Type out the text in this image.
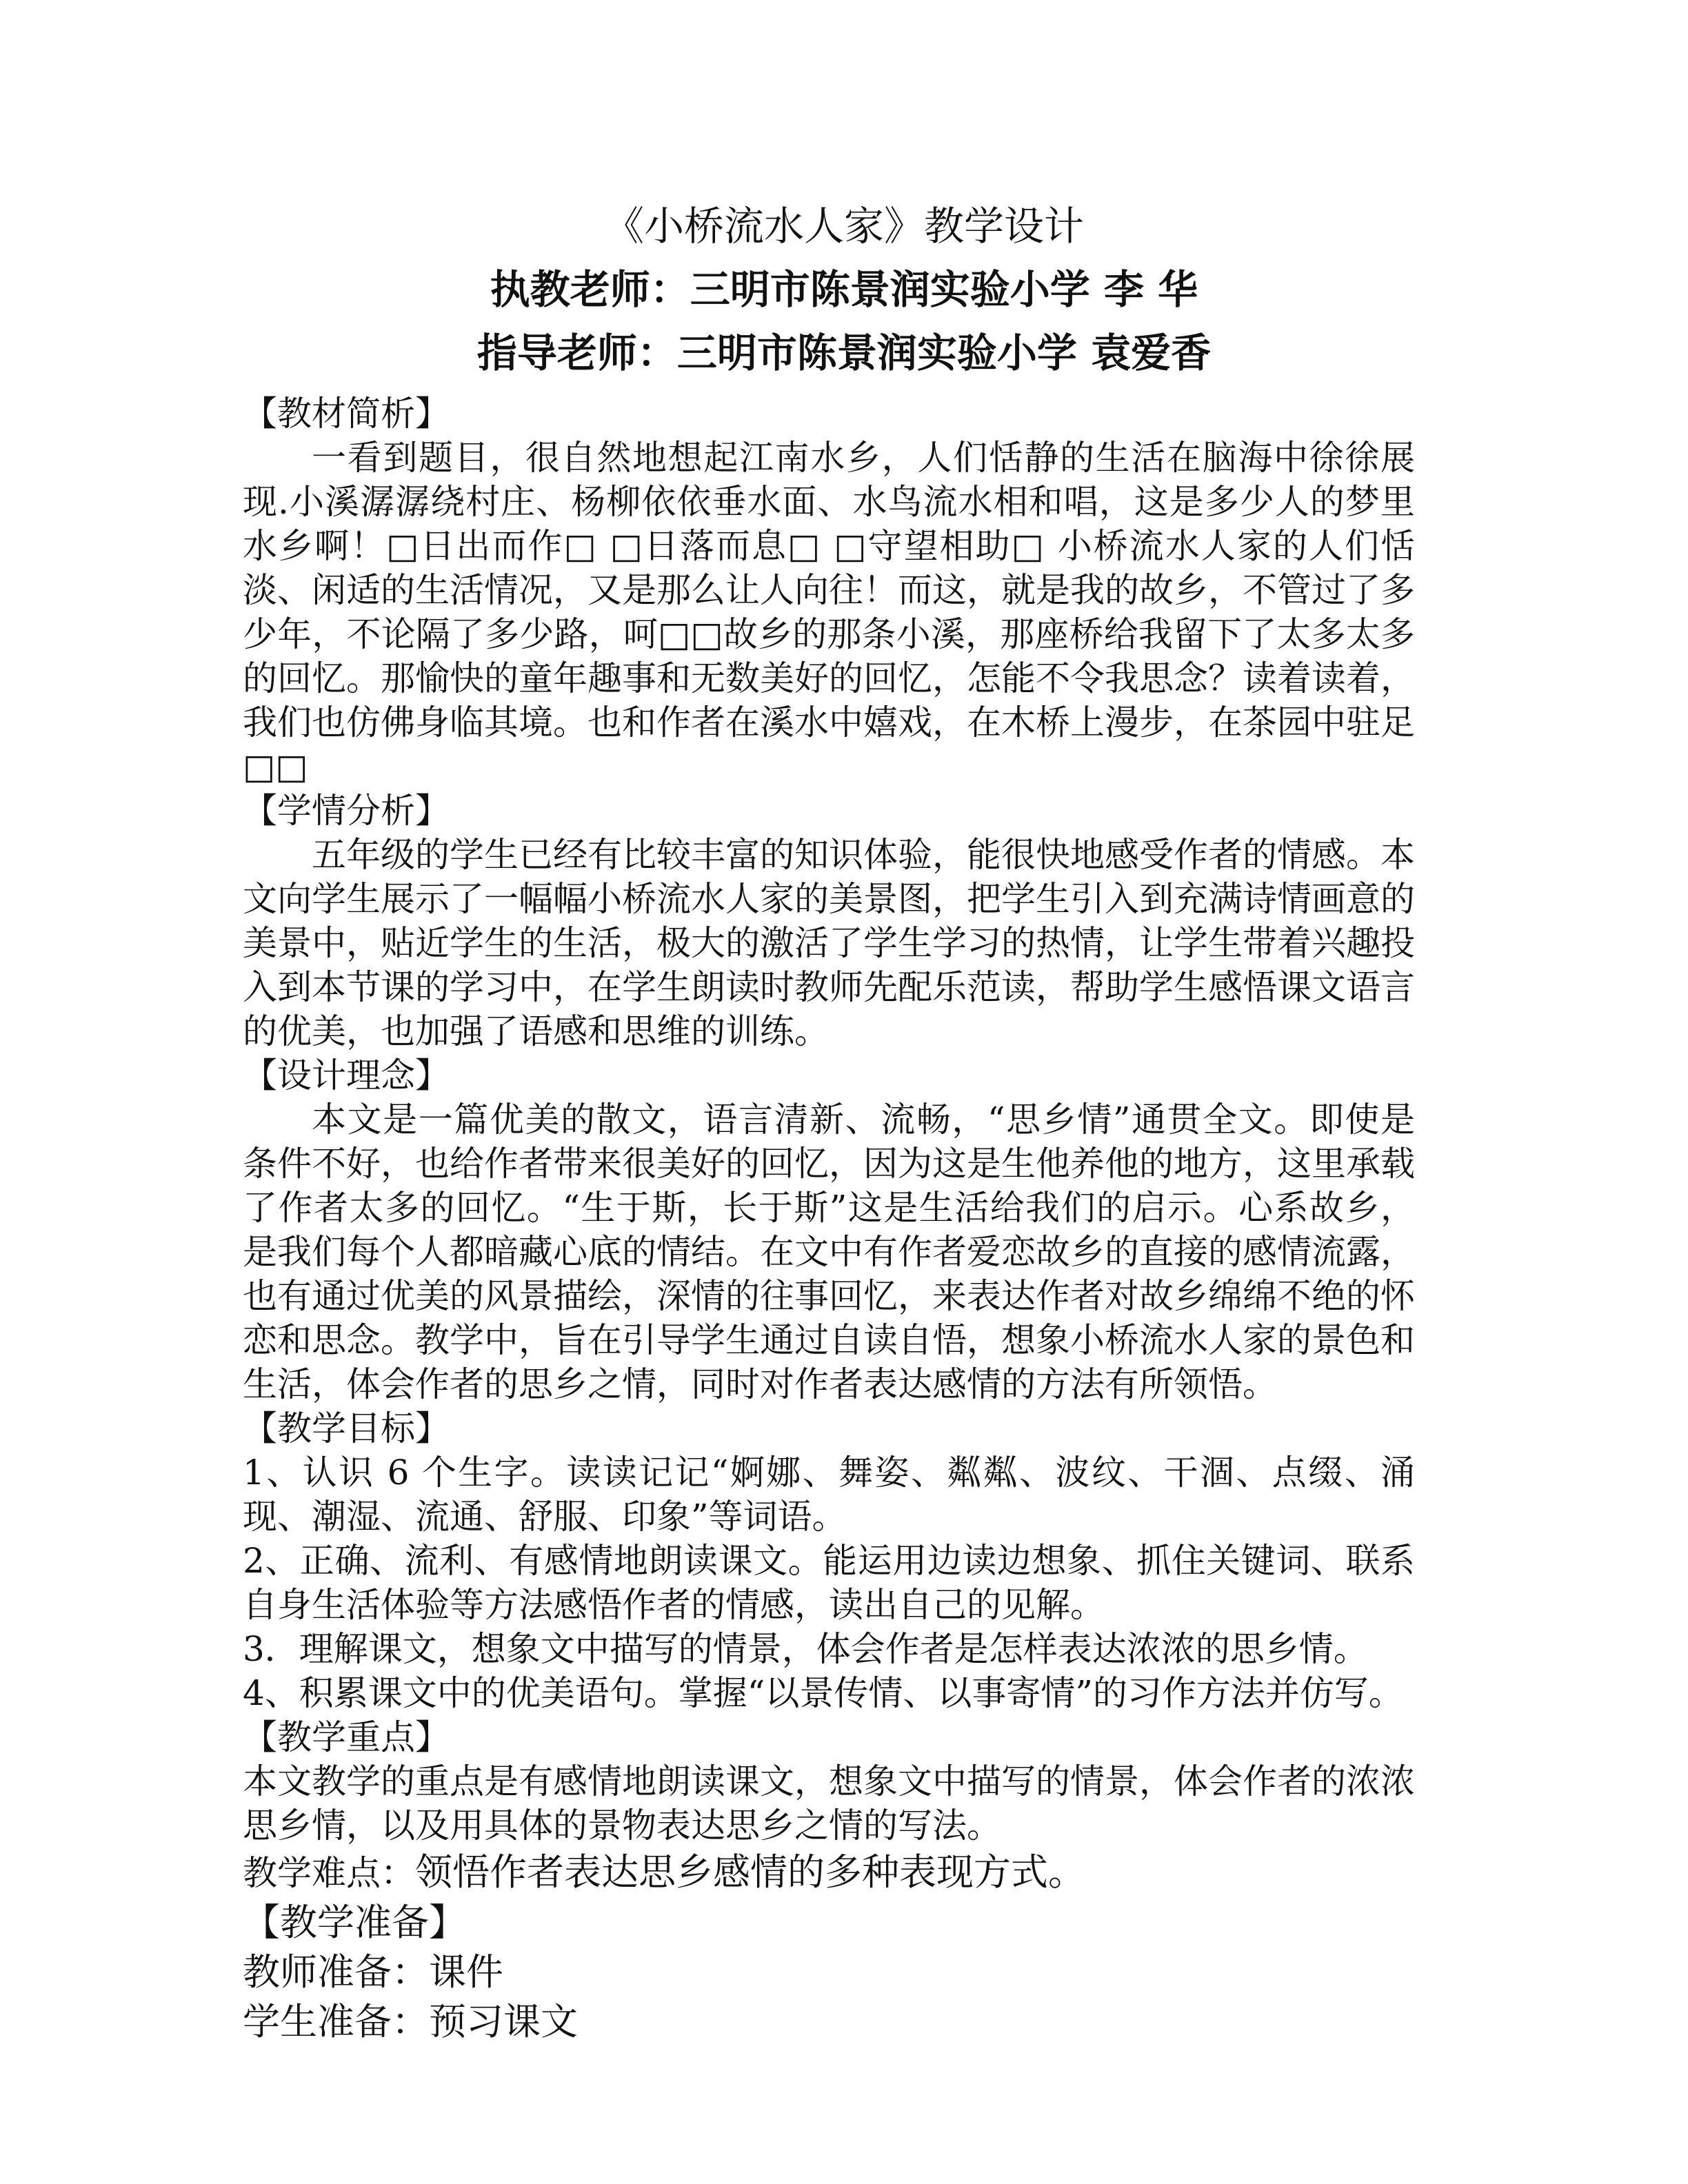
《小桥流水人家》教学设计

执教老师：三明市陈景润实验小学 李 华

指导老师：三明市陈景润实验小学 袁爱香

【教材简析】

一看到题目，很自然地想起江南水乡，人们恬静的生活在脑海中徐徐展现.小溪潺潺绕村庄、杨柳依依垂水面、水鸟流水相和唱，这是多少人的梦里水乡啊！□日出而作□ □日落而息□ □守望相助□ 小桥流水人家的人们恬淡、闲适的生活情况，又是那么让人向往！而这，就是我的故乡，不管过了多少年，不论隔了多少路，呵□□故乡的那条小溪，那座桥给我留下了太多太多的回忆。那愉快的童年趣事和无数美好的回忆，怎能不令我思念？读着读着，我们也仿佛身临其境。也和作者在溪水中嬉戏，在木桥上漫步，在茶园中驻足□□

【学情分析】

五年级的学生已经有比较丰富的知识体验，能很快地感受作者的情感。本文向学生展示了一幅幅小桥流水人家的美景图，把学生引入到充满诗情画意的美景中，贴近学生的生活，极大的激活了学生学习的热情，让学生带着兴趣投入到本节课的学习中，在学生朗读时教师先配乐范读，帮助学生感悟课文语言的优美，也加强了语感和思维的训练。

【设计理念】

本文是一篇优美的散文，语言清新、流畅，“思乡情”通贯全文。即使是条件不好，也给作者带来很美好的回忆，因为这是生他养他的地方，这里承载了作者太多的回忆。“生于斯，长于斯”这是生活给我们的启示。心系故乡，是我们每个人都暗藏心底的情结。在文中有作者爱恋故乡的直接的感情流露，也有通过优美的风景描绘，深情的往事回忆，来表达作者对故乡绵绵不绝的怀恋和思念。教学中，旨在引导学生通过自读自悟，想象小桥流水人家的景色和生活，体会作者的思乡之情，同时对作者表达感情的方法有所领悟。

【教学目标】

1、认识 6 个生字。读读记记“婀娜、舞姿、粼粼、波纹、干涸、点缀、涌现、潮湿、流通、舒服、印象”等词语。

2、正确、流利、有感情地朗读课文。能运用边读边想象、抓住关键词、联系自身生活体验等方法感悟作者的情感，读出自己的见解。

3．理解课文，想象文中描写的情景，体会作者是怎样表达浓浓的思乡情。

4、积累课文中的优美语句。掌握“以景传情、以事寄情”的习作方法并仿写。

【教学重点】

本文教学的重点是有感情地朗读课文，想象文中描写的情景，体会作者的浓浓思乡情，以及用具体的景物表达思乡之情的写法。

教学难点：领悟作者表达思乡感情的多种表现方式。

【教学准备】

教师准备：课件

学生准备：预习课文
